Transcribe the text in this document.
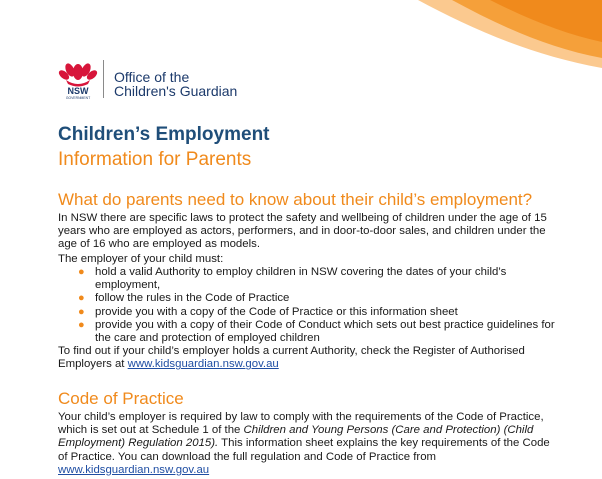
NSW
GOVERNMENT
Office of the
Children's Guardian
Children’s Employment
Information for Parents
What do parents need to know about their child’s employment?

In NSW there are specific laws to protect the safety and wellbeing of children under the age of 15 years who are employed as actors, performers, and in door-to-door sales, and children under the age of 16 who are employed as models.

The employer of your child must:

● hold a valid Authority to employ children in NSW covering the dates of your child’s employment,
● follow the rules in the Code of Practice
● provide you with a copy of the Code of Practice or this information sheet
● provide you with a copy of their Code of Conduct which sets out best practice guidelines for the care and protection of employed children

To find out if your child’s employer holds a current Authority, check the Register of Authorised Employers at www.kidsguardian.nsw.gov.au

Code of Practice

Your child’s employer is required by law to comply with the requirements of the Code of Practice, which is set out at Schedule 1 of the Children and Young Persons (Care and Protection) (Child Employment) Regulation 2015). This information sheet explains the key requirements of the Code of Practice. You can download the full regulation and Code of Practice from
www.kidsguardian.nsw.gov.au
